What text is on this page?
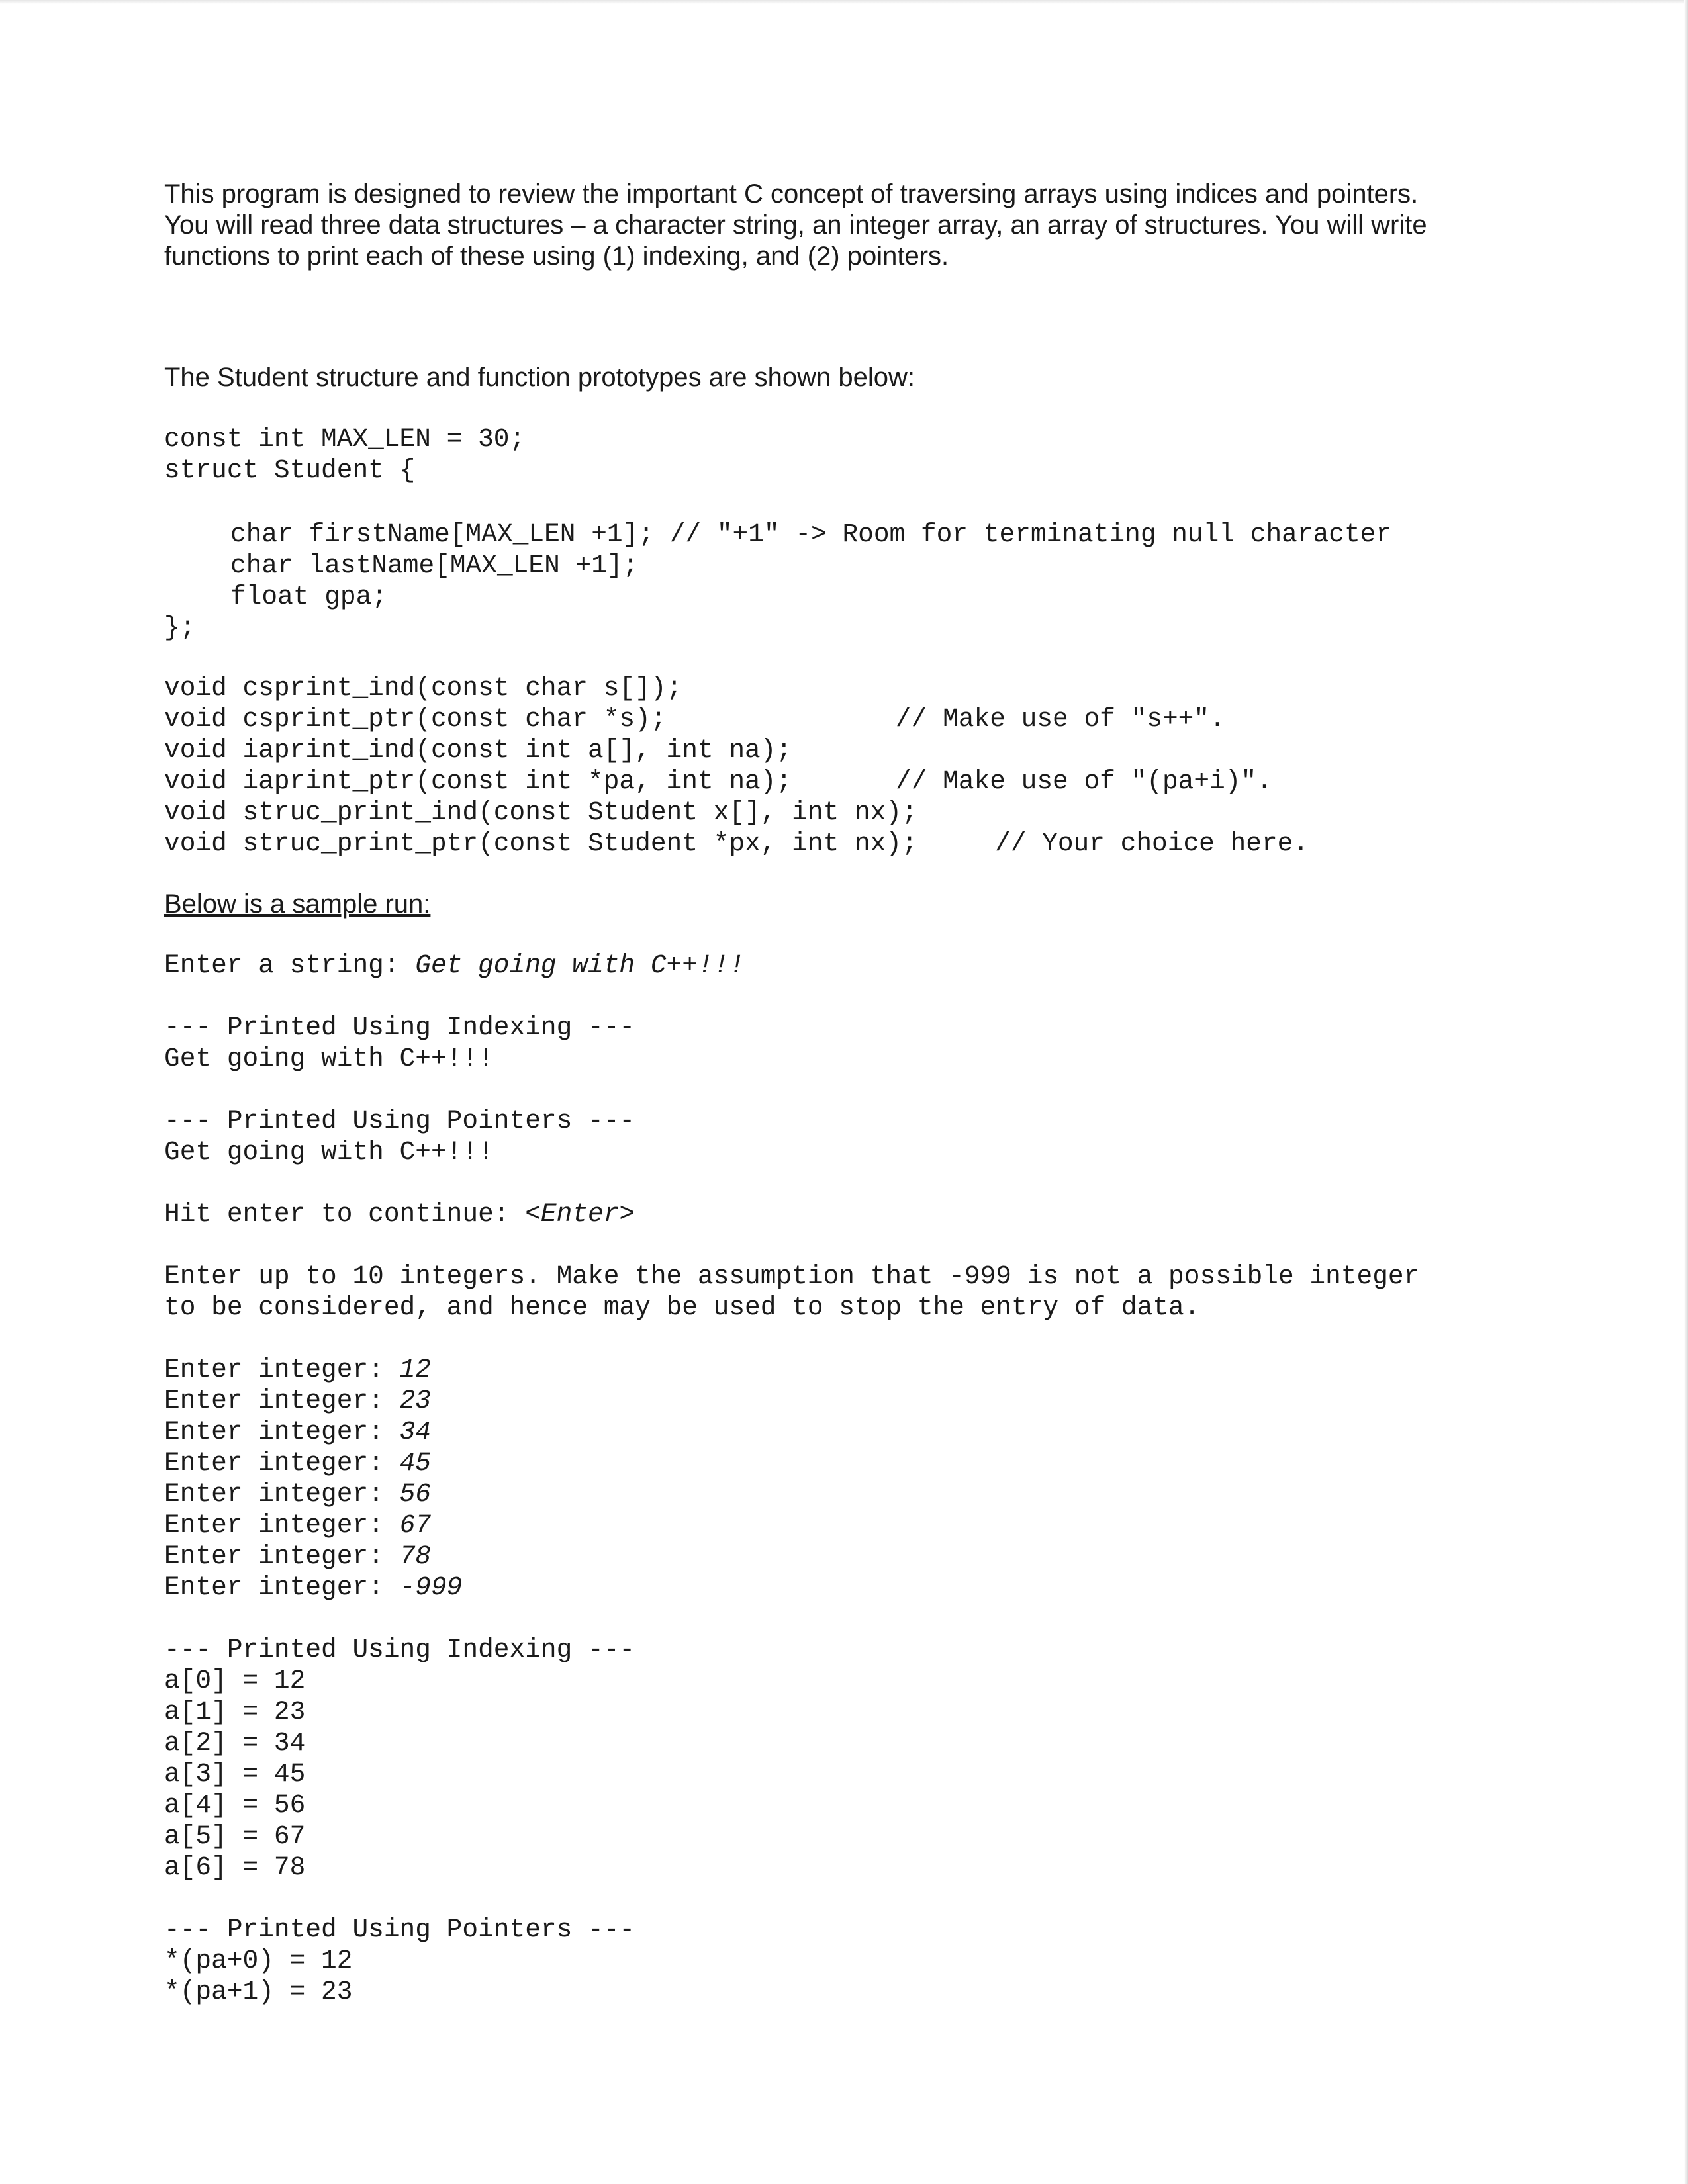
This program is designed to review the important C concept of traversing arrays using indices and pointers.

You will read three data structures – a character string, an integer array, an array of structures. You will write

functions to print each of these using (1) indexing, and (2) pointers.

The Student structure and function prototypes are shown below:

const int MAX_LEN = 30;

struct Student {

char firstName[MAX_LEN +1]; // "+1" -> Room for terminating null character

char lastName[MAX_LEN +1];

float gpa;

};

void csprint_ind(const char s[]);
void csprint_ptr(const char *s);	// Make use of "s++".
void iaprint_ind(const int a[], int na);
void iaprint_ptr(const int *pa, int na);	// Make use of "(pa+i)".
void struc_print_ind(const Student x[], int nx);
void struc_print_ptr(const Student *px, int nx);	// Your choice here.

Below is a sample run:

Enter a string: Get going with C++!!!

--- Printed Using Indexing ---

Get going with C++!!!

--- Printed Using Pointers ---

Get going with C++!!!

Hit enter to continue: <Enter>

Enter up to 10 integers. Make the assumption that -999 is not a possible integer

to be considered, and hence may be used to stop the entry of data.

Enter integer: 12

Enter integer: 23

Enter integer: 34

Enter integer: 45

Enter integer: 56

Enter integer: 67

Enter integer: 78

Enter integer: -999

--- Printed Using Indexing ---

a[0] = 12

a[1] = 23

a[2] = 34

a[3] = 45

a[4] = 56

a[5] = 67

a[6] = 78

--- Printed Using Pointers ---

*(pa+0) = 12

*(pa+1) = 23
